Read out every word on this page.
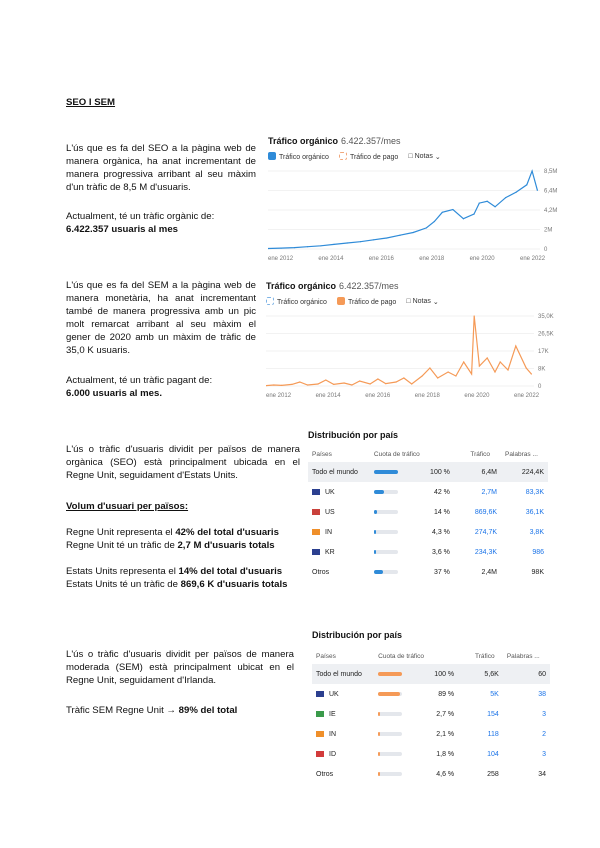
SEO I SEM
L'ús que es fa del SEO a la pàgina web de manera orgànica, ha anat incrementant de manera progressiva arribant al seu màxim d'un tràfic de 8,5 M d'usuaris.
Actualment, té un tràfic orgànic de:
6.422.357 usuaris al mes
Tráfico orgánico 6.422.357/mes
Tráfico orgánico	Tráfico de pago □ Notas ⌄
0
2M
4,2M
6,4M
8,5M
ene 2012	ene 2014	ene 2016	ene 2018	ene 2020	ene 2022
L'ús que es fa del SEM a la pàgina web de manera monetària, ha anat incrementant també de manera progressiva amb un pic molt remarcat arribant al seu màxim el gener de 2020 amb un màxim de tràfic de 35,0 K usuaris.
Actualment, té un tràfic pagant de:
6.000 usuaris al mes.
Tráfico orgánico 6.422.357/mes
Tráfico orgánico	Tráfico de pago □ Notas ⌄
0
8K
17K
26,5K
35,0K
ene 2012	ene 2014	ene 2016	ene 2018	ene 2020	ene 2022
L'ús o tràfic d'usuaris dividit per països de manera orgànica (SEO) està principalment ubicada en el Regne Unit, seguidament d'Estats Units.
Volum d'usuari per països:
Regne Unit representa el 42% del total d'usuaris
Regne Unit té un tràfic de 2,7 M d'usuaris totals
Estats Units representa el 14% del total d'usuaris
Estats Units té un tràfic de 869,6 K d'usuaris totals
Distribución por país
Países	Cuota de tráfico	Tráfico	Palabras ...
Todo el mundo	100 %	6,4M	224,4K
UK	42 %	2,7M	83,3K
US	14 %	869,6K	36,1K
IN	4,3 %	274,7K	3,8K
KR	3,6 %	234,3K	986
Otros	37 %	2,4M	98K
L'ús o tràfic d'usuaris dividit per països de manera moderada (SEM) està principalment ubicat en el Regne Unit, seguidament d'Irlanda.
Tràfic SEM Regne Unit → 89% del total
Distribución por país
Países	Cuota de tráfico	Tráfico	Palabras ...
Todo el mundo	100 %	5,6K	60
UK	89 %	5K	38
IE	2,7 %	154	3
IN	2,1 %	118	2
ID	1,8 %	104	3
Otros	4,6 %	258	34
